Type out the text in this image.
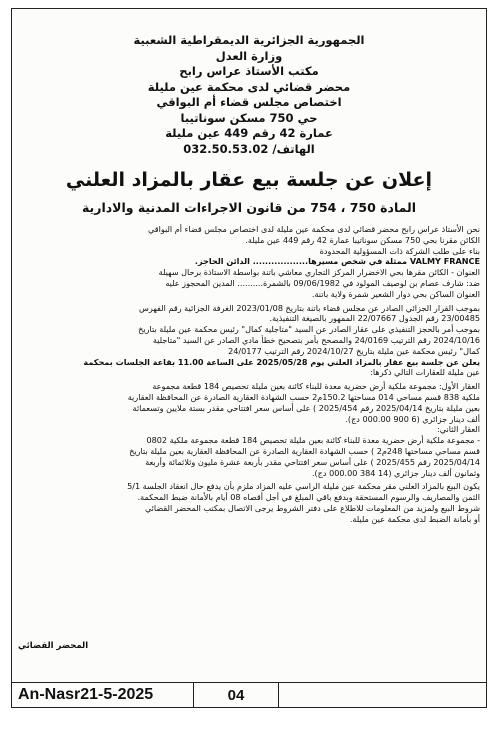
الجمهورية الجزائرية الديمقراطية الشعبية
وزارة العدل
مكتب الأستاذ عراس رابح
محضر قضائي لدى محكمة عين مليلة
اختصاص مجلس قضاء أم البواقي
حي 750 مسكن سوناتيبا
عمارة 42 رقم 449 عين مليلة
الهاتف/ 032.50.53.02
إعلان عن جلسة بيع عقار بالمزاد العلني
المادة 750 ، 754 من قانون الاجراءات المدنية والادارية

نحن الأستاذ عراس رابح محضر قضائي لدى محكمة عين مليلة لدى اختصاص مجلس قضاء أم البواقي

الكائن مقرنا بحي 750 مسكن سوناتيبا عمارة 42 رقم 449 عين مليلة.

بناء على طلب الشركة ذات المسؤولية المحدودة

VALMY FRANCE ممثلة في شخص مسيرها.................. الدائن الحاجز.

العنوان - الكائن مقرها بحي الاخضرار المركز التجاري معاشي باتنة بواسطة الاستاذة برحال سهيلة

ضد: شارف عصام بن لوصيف المولود في 09/06/1982 بالشمرة.......... المدين المحجوز عليه

العنوان الساكن بحي دوار الشعير شمرة ولاية باتنة.

بموجب القرار الجزائي الصادر عن مجلس قضاء باتنة بتاريخ 2023/01/08 الغرفة الجزائية رقم الفهرس

23/00485 رقم الجدول 22/07667 الممهور بالصيغة التنفيذية.

بموجب أمر بالحجز التنفيذي على عقار الصادر عن السيد "متاجلية كمال" رئيس محكمة عين مليلة بتاريخ

2024/10/16 رقم الترتيب 24/0169 والمصحح بأمر بتصحيح خطأ مادي الصادر عن السيد "متاجلية

كمال" رئيس محكمة عين مليلة بتاريخ 2024/10/27 رقم الترتيب 24/0177

يعلن عن جلسة بيع عقار بالمزاد العلني يوم 2025/05/28 على الساعة 11.00 بقاعة الجلسات بمحكمة

عين مليلة للعقارات التالي ذكرها:

العقار الأول: مجموعة ملكية أرض حضرية معدة للبناء كائنة بعين مليلة تحصيص 184 قطعة مجموعة

ملكية 838 قسم مساحي 014 مساحتها 150.2م2 حسب الشهادة العقارية الصادرة عن المحافظة العقارية

بعين مليلة بتاريخ 2025/04/14 رقم 2025/454 ) على أساس سعر افتتاحي مقدر بستة ملايين وتسعمائة

ألف دينار جزائري (6 900 000.00 دج).

العقار الثاني:

- مجموعة ملكية أرض حضرية معدة للبناء كائنة بعين مليلة تحصيص 184 قطعة مجموعة ملكية 0802

قسم مساحي مساحتها 248م2 ) حسب الشهادة العقارية الصادرة عن المحافظة العقارية بعين مليلة بتاريخ

2025/04/14 رقم 2025/455 ) على أساس سعر افتتاحي مقدر بأربعة عشرة مليون وثلاثمائة وأربعة

وثمانون ألف دينار جزائري (14 384 000.00 دج).

يكون البيع بالمزاد العلني مقر محكمة عين مليلة الراسي عليه المزاد ملزم بأن يدفع حال انعقاد الجلسة 5/1

الثمن والمصاريف والرسوم المستحقة وبدفع باقي المبلغ في أجل أقصاه 08 أيام بالأمانة ضبط المحكمة.

شروط البيع ولمزيد من المعلومات للاطلاع على دفتر الشروط يرجى الاتصال بمكتب المحضر القضائي

أو بأمانة الضبط لدى محكمة عين مليلة.

المحضر القضائي
An-Nasr21-5-2025	04
